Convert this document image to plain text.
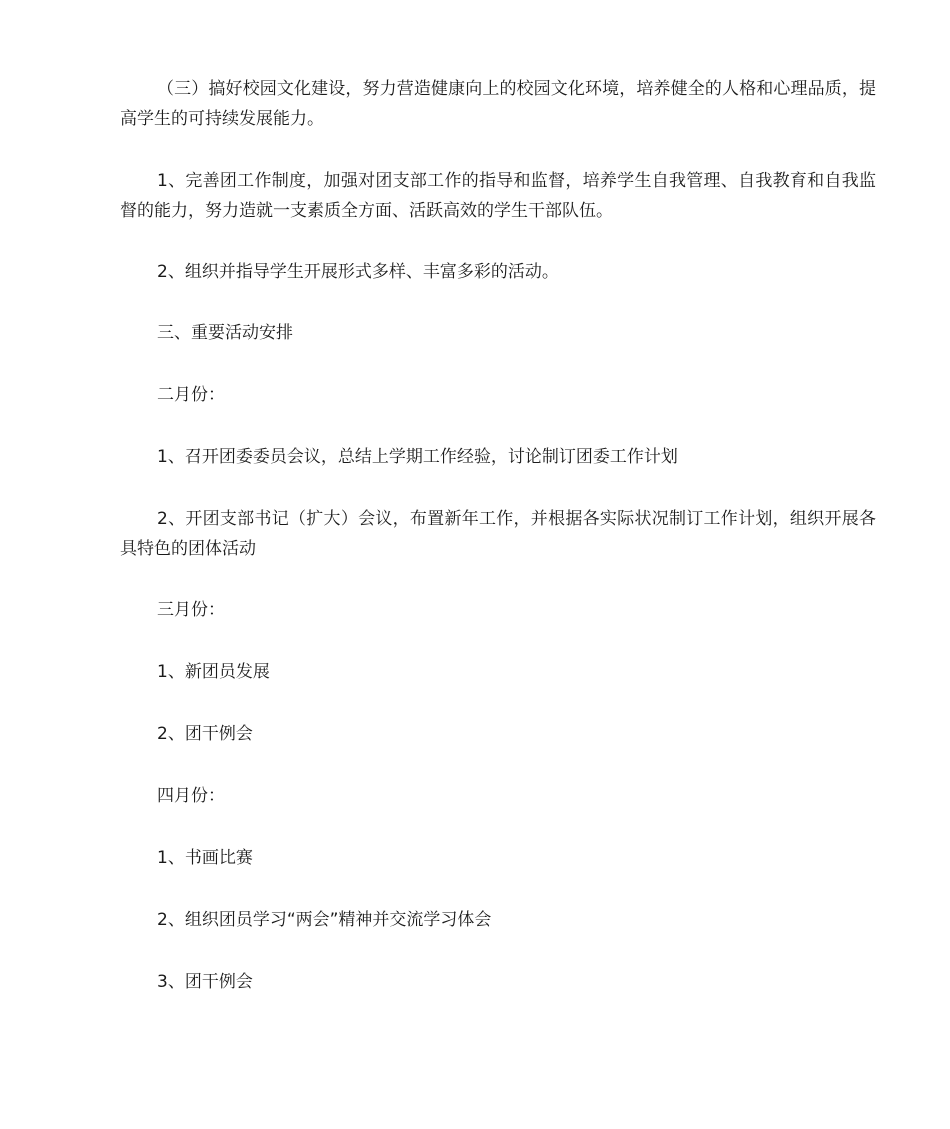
（三）搞好校园文化建设，努力营造健康向上的校园文化环境，培养健全的人格和心理品质，提高学生的可持续发展能力。

1、完善团工作制度，加强对团支部工作的指导和监督，培养学生自我管理、自我教育和自我监督的能力，努力造就一支素质全方面、活跃高效的学生干部队伍。

2、组织并指导学生开展形式多样、丰富多彩的活动。

三、重要活动安排

二月份：

1、召开团委委员会议，总结上学期工作经验，讨论制订团委工作计划

2、开团支部书记（扩大）会议，布置新年工作，并根据各实际状况制订工作计划，组织开展各具特色的团体活动

三月份：

1、新团员发展

2、团干例会

四月份：

1、书画比赛

2、组织团员学习“两会”精神并交流学习体会

3、团干例会
